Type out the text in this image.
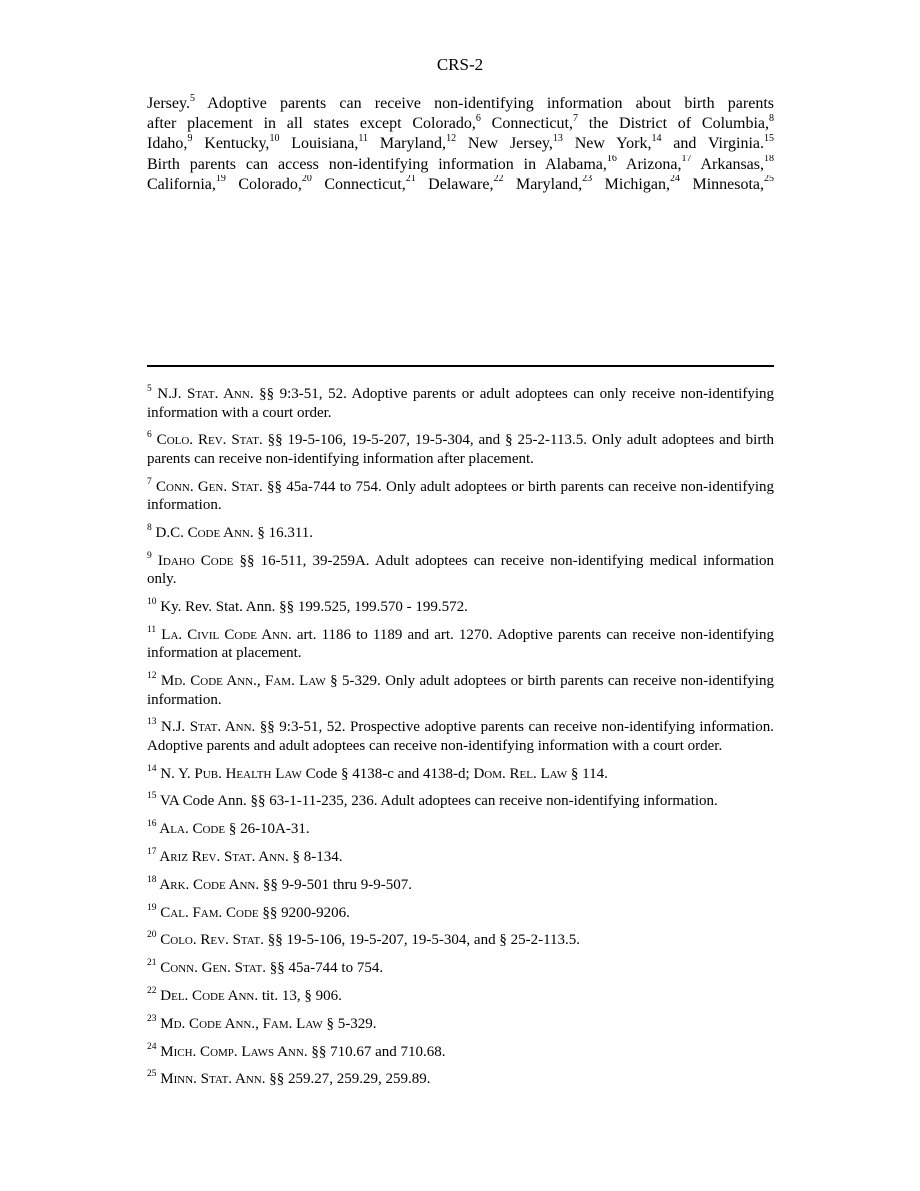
CRS-2
Jersey.$^5$ Adoptive parents can receive non-identifying information about birth parents
after placement in all states except Colorado,$^6$ Connecticut,$^7$ the District of Columbia,$^8$
Idaho,$^9$ Kentucky,$^{10}$ Louisiana,$^{11}$ Maryland,$^{12}$ New Jersey,$^{13}$ New York,$^{14}$ and Virginia.$^{15}$
Birth parents can access non-identifying information in Alabama,$^{16}$ Arizona,$^{17}$ Arkansas,$^{18}$
California,$^{19}$ Colorado,$^{20}$ Connecticut,$^{21}$ Delaware,$^{22}$ Maryland,$^{23}$ Michigan,$^{24}$ Minnesota,$^{25}$

$^5$ N.J. Stat. Ann. §§ 9:3-51, 52. Adoptive parents or adult adoptees can only receive non-identifying information with a court order.

$^6$ Colo. Rev. Stat. §§ 19-5-106, 19-5-207, 19-5-304, and § 25-2-113.5. Only adult adoptees and birth parents can receive non-identifying information after placement.

$^7$ Conn. Gen. Stat. §§ 45a-744 to 754. Only adult adoptees or birth parents can receive non-identifying information.

$^8$ D.C. Code Ann. § 16.311.

$^9$ Idaho Code §§ 16-511, 39-259A. Adult adoptees can receive non-identifying medical information only.

$^{10}$ Ky. Rev. Stat. Ann. §§ 199.525, 199.570 - 199.572.

$^{11}$ La. Civil Code Ann. art. 1186 to 1189 and art. 1270. Adoptive parents can receive non-identifying information at placement.

$^{12}$ Md. Code Ann., Fam. Law § 5-329. Only adult adoptees or birth parents can receive non-identifying information.

$^{13}$ N.J. Stat. Ann. §§ 9:3-51, 52. Prospective adoptive parents can receive non-identifying information. Adoptive parents and adult adoptees can receive non-identifying information with a court order.

$^{14}$ N. Y. Pub. Health Law Code § 4138-c and 4138-d; Dom. Rel. Law § 114.

$^{15}$ VA Code Ann. §§ 63-1-11-235, 236. Adult adoptees can receive non-identifying information.

$^{16}$ Ala. Code § 26-10A-31.

$^{17}$ Ariz Rev. Stat. Ann. § 8-134.

$^{18}$ Ark. Code Ann. §§ 9-9-501 thru 9-9-507.

$^{19}$ Cal. Fam. Code §§ 9200-9206.

$^{20}$ Colo. Rev. Stat. §§ 19-5-106, 19-5-207, 19-5-304, and § 25-2-113.5.

$^{21}$ Conn. Gen. Stat. §§ 45a-744 to 754.

$^{22}$ Del. Code Ann. tit. 13, § 906.

$^{23}$ Md. Code Ann., Fam. Law § 5-329.

$^{24}$ Mich. Comp. Laws Ann. §§ 710.67 and 710.68.

$^{25}$ Minn. Stat. Ann. §§ 259.27, 259.29, 259.89.
